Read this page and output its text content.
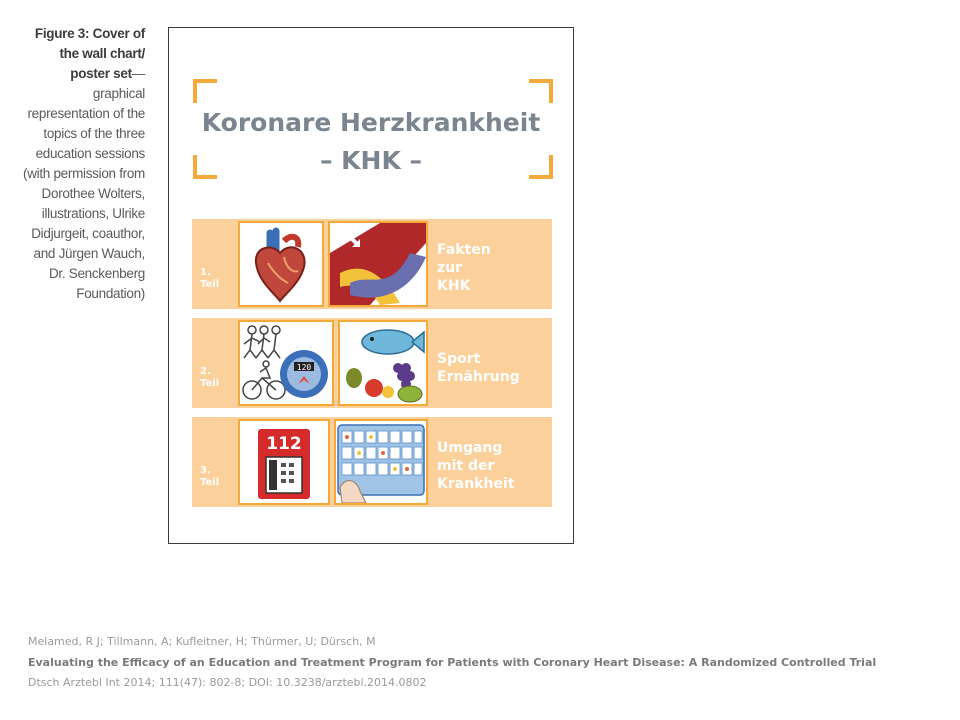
Figure 3: Cover of the wall chart/ poster set— graphical representation of the topics of the three education sessions (with permission from Dorothee Wolters, illustrations, Ulrike Didjurgeit, coauthor, and Jürgen Wauch, Dr. Senckenberg Foundation)
Koronare Herzkrankheit
– KHK –
1.
Teil
Fakten
zur
KHK
2.
Teil
120
Sport
Ernährung
3.
Teil
112	Umgang
mit der
Krankheit
Melamed, R J; Tillmann, A; Kufleitner, H; Thürmer, U; Dürsch, M
Evaluating the Efficacy of an Education and Treatment Program for Patients with Coronary Heart Disease: A Randomized Controlled Trial
Dtsch Arztebl Int 2014; 111(47): 802-8; DOI: 10.3238/arztebl.2014.0802
